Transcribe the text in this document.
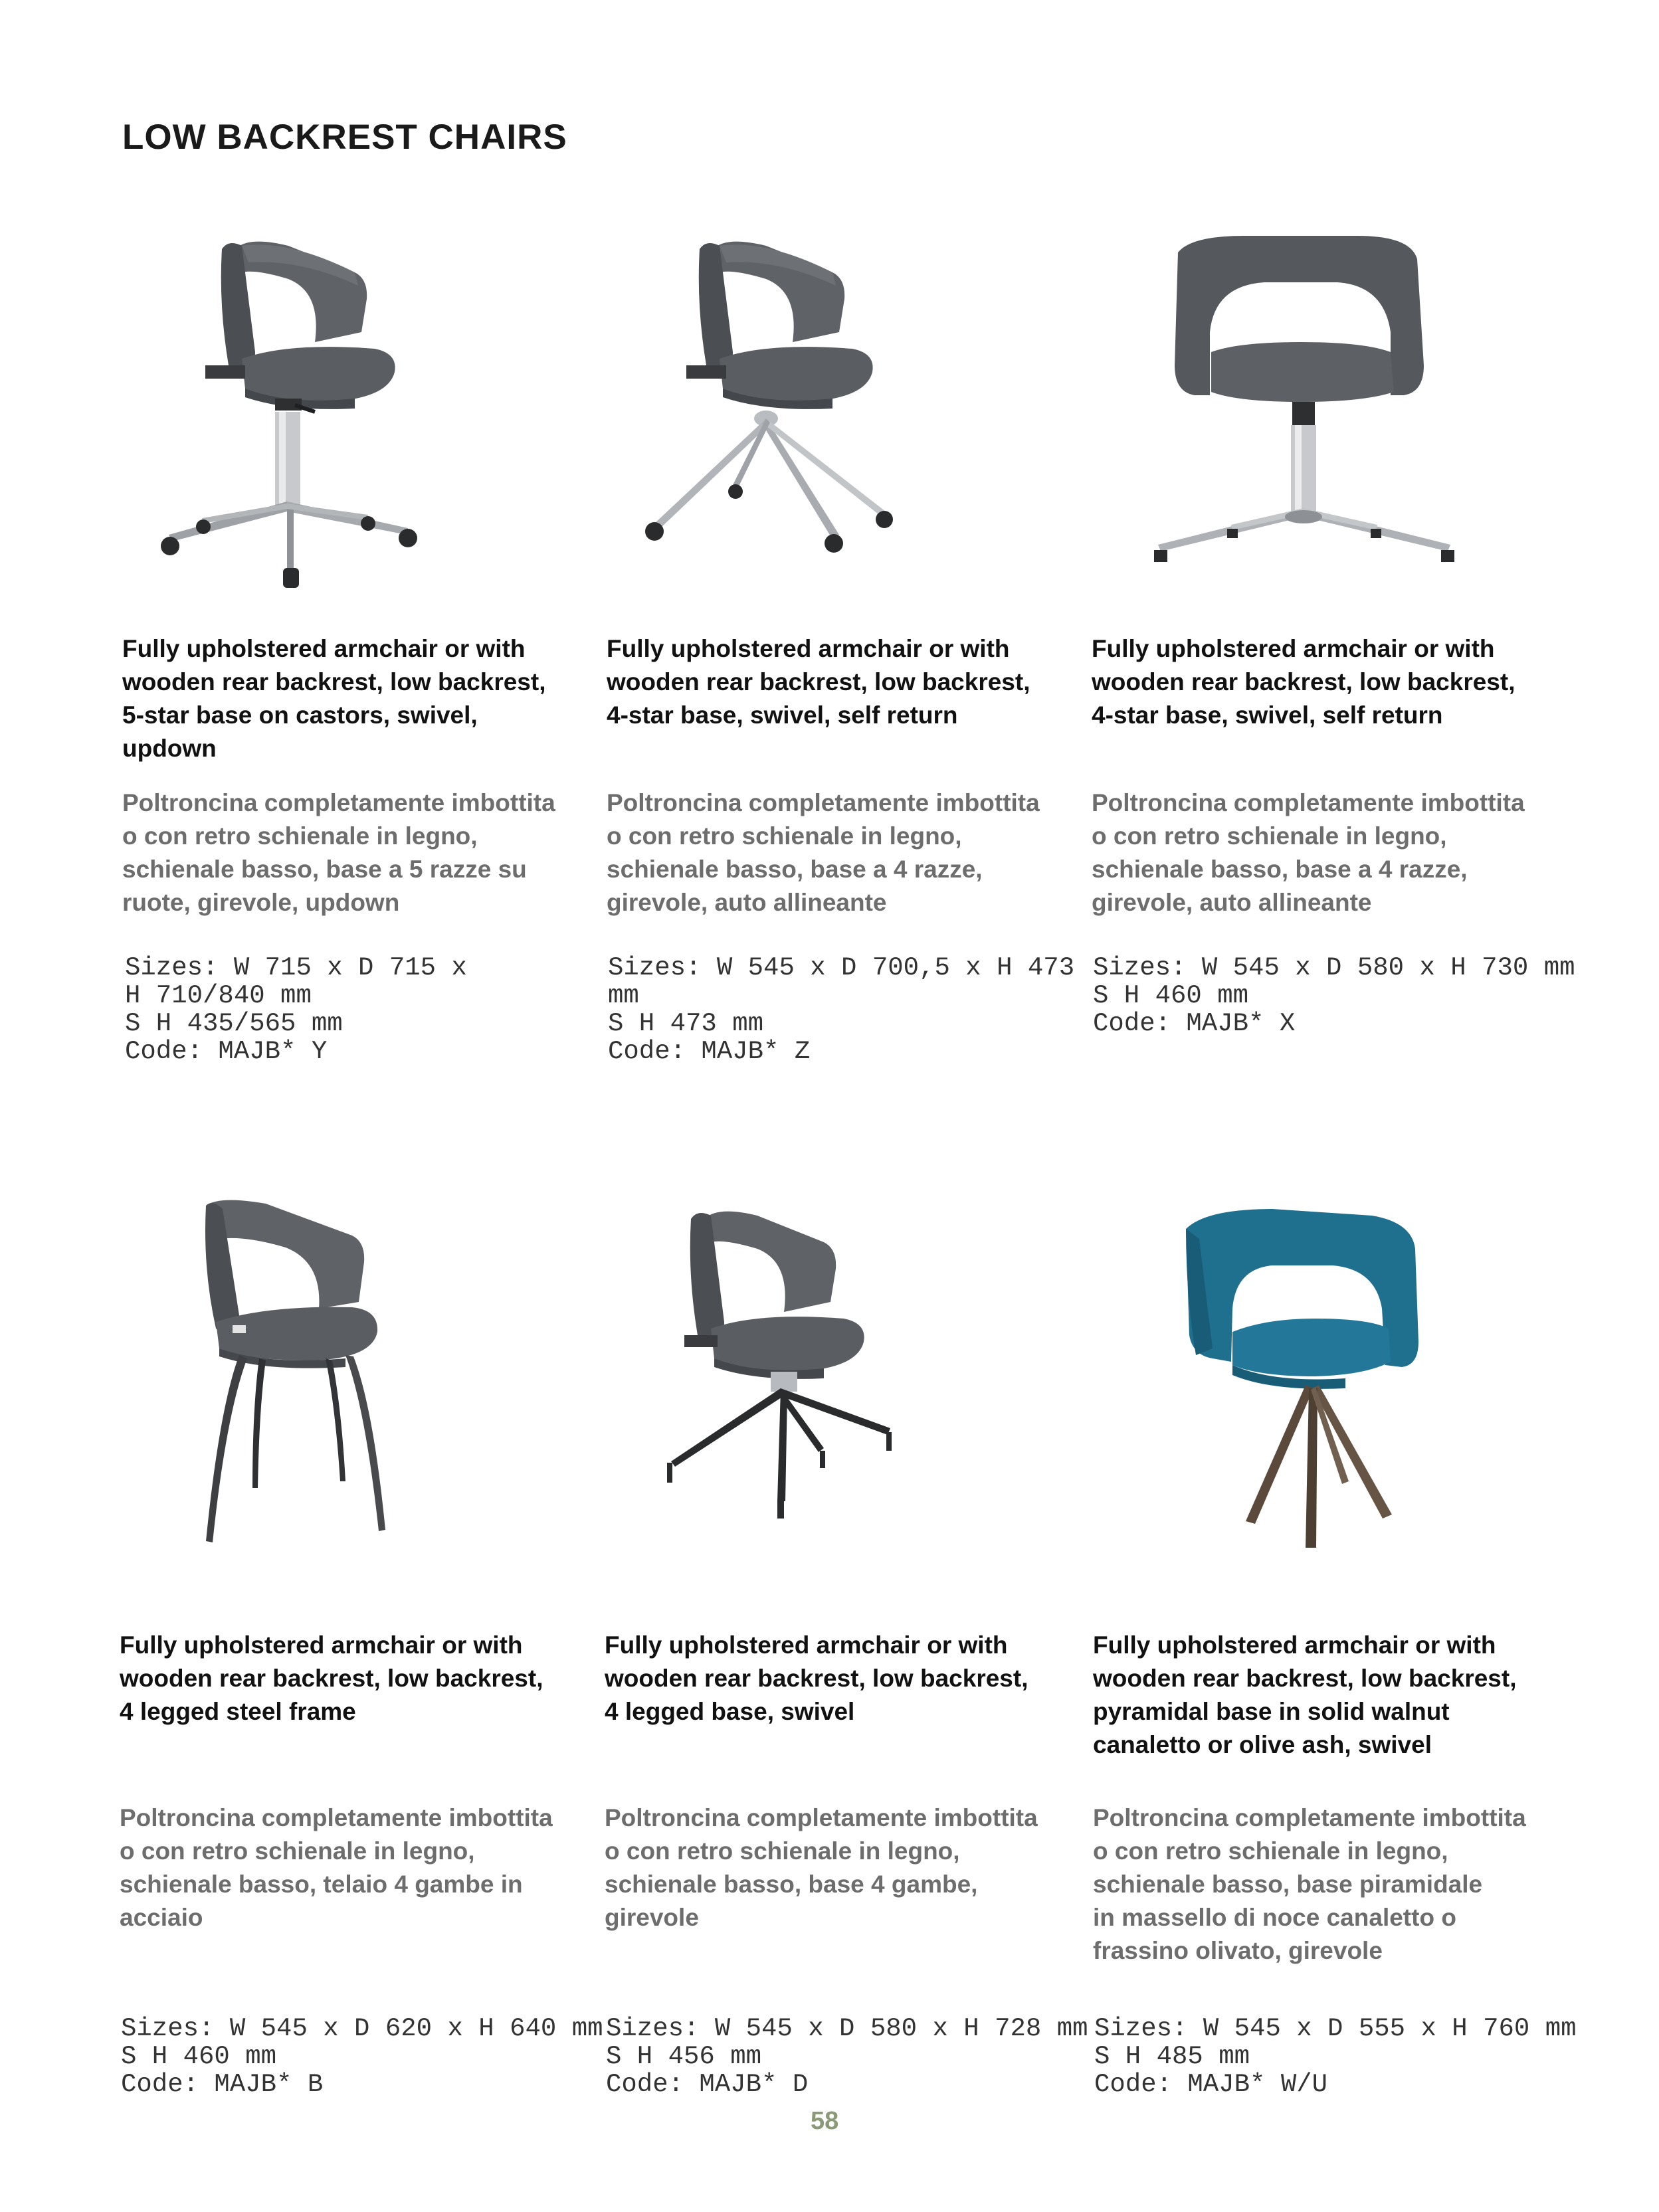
LOW BACKREST CHAIRS
Fully upholstered armchair or with
wooden rear backrest, low backrest,
5-star base on castors, swivel,
updown
Poltroncina completamente imbottita
o con retro schienale in legno,
schienale basso, base a 5 razze su
ruote, girevole, updown
Sizes: W 715 x D 715 x
H 710/840 mm
S H 435/565 mm
Code: MAJB* Y
Fully upholstered armchair or with
wooden rear backrest, low backrest,
4-star base, swivel, self return
Poltroncina completamente imbottita
o con retro schienale in legno,
schienale basso, base a 4 razze,
girevole, auto allineante
Sizes: W 545 x D 700,5 x H 473
mm
S H 473 mm
Code: MAJB* Z
Fully upholstered armchair or with
wooden rear backrest, low backrest,
4-star base, swivel, self return
Poltroncina completamente imbottita
o con retro schienale in legno,
schienale basso, base a 4 razze,
girevole, auto allineante
Sizes: W 545 x D 580 x H 730 mm
S H 460 mm
Code: MAJB* X
Fully upholstered armchair or with
wooden rear backrest, low backrest,
4 legged steel frame
Poltroncina completamente imbottita
o con retro schienale in legno,
schienale basso, telaio 4 gambe in
acciaio
Sizes: W 545 x D 620 x H 640 mm
S H 460 mm
Code: MAJB* B
Fully upholstered armchair or with
wooden rear backrest, low backrest,
4 legged base, swivel
Poltroncina completamente imbottita
o con retro schienale in legno,
schienale basso, base 4 gambe,
girevole
Sizes: W 545 x D 580 x H 728 mm
S H 456 mm
Code: MAJB* D
Fully upholstered armchair or with
wooden rear backrest, low backrest,
pyramidal base in solid walnut
canaletto or olive ash, swivel
Poltroncina completamente imbottita
o con retro schienale in legno,
schienale basso, base piramidale
in massello di noce canaletto o
frassino olivato, girevole
Sizes: W 545 x D 555 x H 760 mm
S H 485 mm
Code: MAJB* W/U
58
